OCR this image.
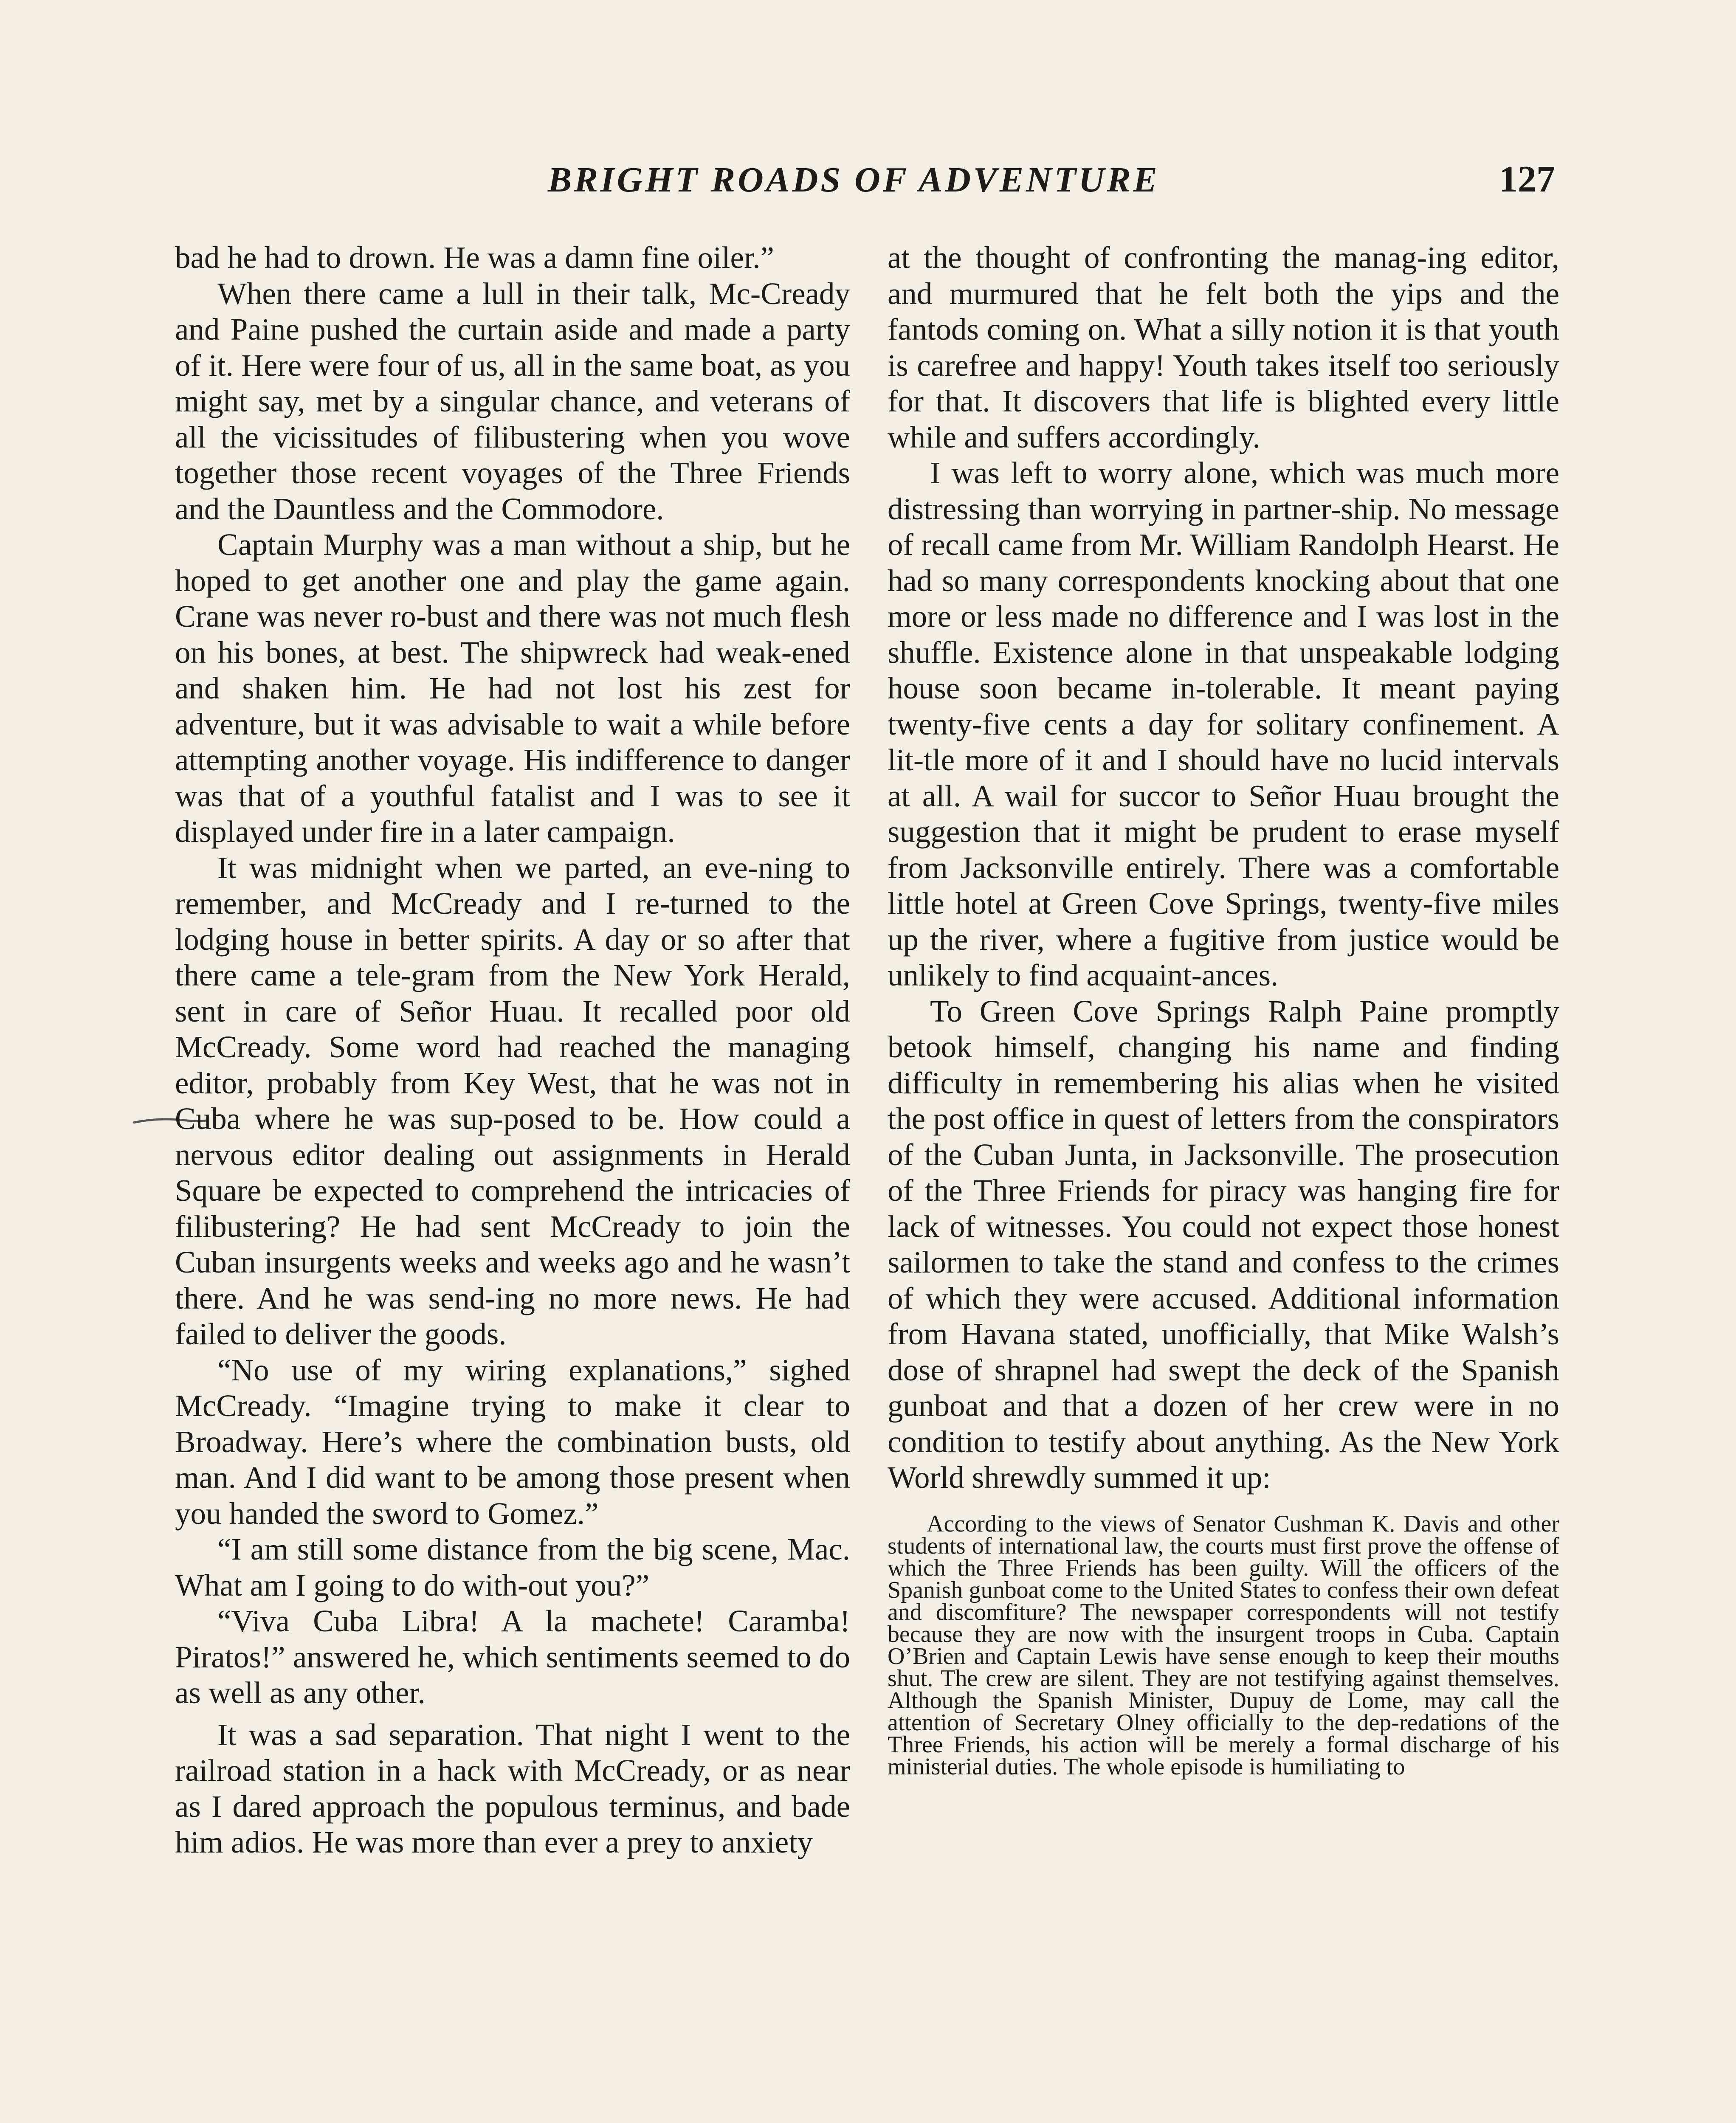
BRIGHT ROADS OF ADVENTURE	127

bad he had to drown. He was a damn fine oiler.”

When there came a lull in their talk, Mc-Cready and Paine pushed the curtain aside and made a party of it. Here were four of us, all in the same boat, as you might say, met by a singular chance, and veterans of all the vicissitudes of filibustering when you wove together those recent voyages of the Three Friends and the Dauntless and the Commodore.

Captain Murphy was a man without a ship, but he hoped to get another one and play the game again. Crane was never ro-bust and there was not much flesh on his bones, at best. The shipwreck had weak-ened and shaken him. He had not lost his zest for adventure, but it was advisable to wait a while before attempting another voyage. His indifference to danger was that of a youthful fatalist and I was to see it displayed under fire in a later campaign.

It was midnight when we parted, an eve-ning to remember, and McCready and I re-turned to the lodging house in better spirits. A day or so after that there came a tele-gram from the New York Herald, sent in care of Señor Huau. It recalled poor old McCready. Some word had reached the managing editor, probably from Key West, that he was not in Cuba where he was sup-posed to be. How could a nervous editor dealing out assignments in Herald Square be expected to comprehend the intricacies of filibustering? He had sent McCready to join the Cuban insurgents weeks and weeks ago and he wasn’t there. And he was send-ing no more news. He had failed to deliver the goods.

“No use of my wiring explanations,” sighed McCready. “Imagine trying to make it clear to Broadway. Here’s where the combination busts, old man. And I did want to be among those present when you handed the sword to Gomez.”

“I am still some distance from the big scene, Mac. What am I going to do with-out you?”

“Viva Cuba Libra! A la machete! Caramba! Piratos!” answered he, which sentiments seemed to do as well as any other.

It was a sad separation. That night I went to the railroad station in a hack with McCready, or as near as I dared approach the populous terminus, and bade him adios. He was more than ever a prey to anxiety

at the thought of confronting the manag-ing editor, and murmured that he felt both the yips and the fantods coming on. What a silly notion it is that youth is carefree and happy! Youth takes itself too seriously for that. It discovers that life is blighted every little while and suffers accordingly.

I was left to worry alone, which was much more distressing than worrying in partner-ship. No message of recall came from Mr. William Randolph Hearst. He had so many correspondents knocking about that one more or less made no difference and I was lost in the shuffle. Existence alone in that unspeakable lodging house soon became in-tolerable. It meant paying twenty-five cents a day for solitary confinement. A lit-tle more of it and I should have no lucid intervals at all. A wail for succor to Señor Huau brought the suggestion that it might be prudent to erase myself from Jacksonville entirely. There was a comfortable little hotel at Green Cove Springs, twenty-five miles up the river, where a fugitive from justice would be unlikely to find acquaint-ances.

To Green Cove Springs Ralph Paine promptly betook himself, changing his name and finding difficulty in remembering his alias when he visited the post office in quest of letters from the conspirators of the Cuban Junta, in Jacksonville. The prosecution of the Three Friends for piracy was hanging fire for lack of witnesses. You could not expect those honest sailormen to take the stand and confess to the crimes of which they were accused. Additional information from Havana stated, unofficially, that Mike Walsh’s dose of shrapnel had swept the deck of the Spanish gunboat and that a dozen of her crew were in no condition to testify about anything. As the New York World shrewdly summed it up:

According to the views of Senator Cushman K. Davis and other students of international law, the courts must first prove the offense of which the Three Friends has been guilty. Will the officers of the Spanish gunboat come to the United States to confess their own defeat and discomfiture? The newspaper correspondents will not testify because they are now with the insurgent troops in Cuba. Captain O’Brien and Captain Lewis have sense enough to keep their mouths shut. The crew are silent. They are not testifying against themselves. Although the Spanish Minister, Dupuy de Lome, may call the attention of Secretary Olney officially to the dep-redations of the Three Friends, his action will be merely a formal discharge of his ministerial duties. The whole episode is humiliating to
